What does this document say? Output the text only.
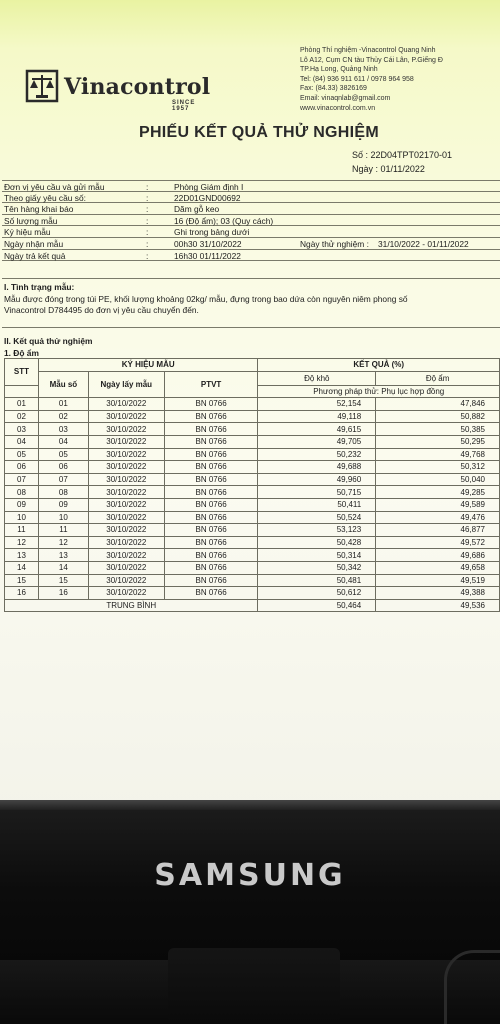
Vinacontrol
SINCE 1957
Phòng Thí nghiệm -Vinacontrol Quang Ninh
Lô A12, Cụm CN tàu Thủy Cái Lân, P.Giếng Đ
TP.Hạ Long, Quảng Ninh
Tel: (84) 936 911 611 / 0978 964 958
Fax: (84.33) 3826169
Email: vinaqnlab@gmail.com
www.vinacontrol.com.vn
PHIẾU KẾT QUẢ THỬ NGHIỆM
Số : 22D04TPT02170-01
Ngày : 01/11/2022
Đơn vị yêu cầu và gửi mẫu	:	Phòng Giám định I
Theo giấy yêu cầu số:	:	22D01GND00692
Tên hàng khai báo	:	Dăm gỗ keo
Số lượng mẫu	:	16 (Độ ẩm); 03 (Quy cách)
Ký hiệu mẫu	:	Ghi trong bảng dưới
Ngày nhận mẫu	:	00h30 31/10/2022	Ngày thử nghiệm : 31/10/2022 - 01/11/2022
Ngày trả kết quả	:	16h30 01/11/2022
I. Tình trạng mẫu:
Mẫu được đóng trong túi PE, khối lượng khoảng 02kg/ mẫu, đựng trong bao dứa còn nguyên niêm phong số
Vinacontrol D784495 do đơn vị yêu cầu chuyển đến.
II. Kết quả thử nghiệm
1. Độ ẩm
STT	KÝ HIỆU MẪU			KẾT QUẢ (%)	
	Mẫu số	Ngày lấy mẫu	PTVT	Độ khô	Độ ẩm
				Phương pháp thử: Phụ lục hợp đồng	
01	01	30/10/2022	BN 0766	52,154	47,846
02	02	30/10/2022	BN 0766	49,118	50,882
03	03	30/10/2022	BN 0766	49,615	50,385
04	04	30/10/2022	BN 0766	49,705	50,295
05	05	30/10/2022	BN 0766	50,232	49,768
06	06	30/10/2022	BN 0766	49,688	50,312
07	07	30/10/2022	BN 0766	49,960	50,040
08	08	30/10/2022	BN 0766	50,715	49,285
09	09	30/10/2022	BN 0766	50,411	49,589
10	10	30/10/2022	BN 0766	50,524	49,476
11	11	30/10/2022	BN 0766	53,123	46,877
12	12	30/10/2022	BN 0766	50,428	49,572
13	13	30/10/2022	BN 0766	50,314	49,686
14	14	30/10/2022	BN 0766	50,342	49,658
15	15	30/10/2022	BN 0766	50,481	49,519
16	16	30/10/2022	BN 0766	50,612	49,388
TRUNG BÌNH				50,464	49,536
SAMSUNG
